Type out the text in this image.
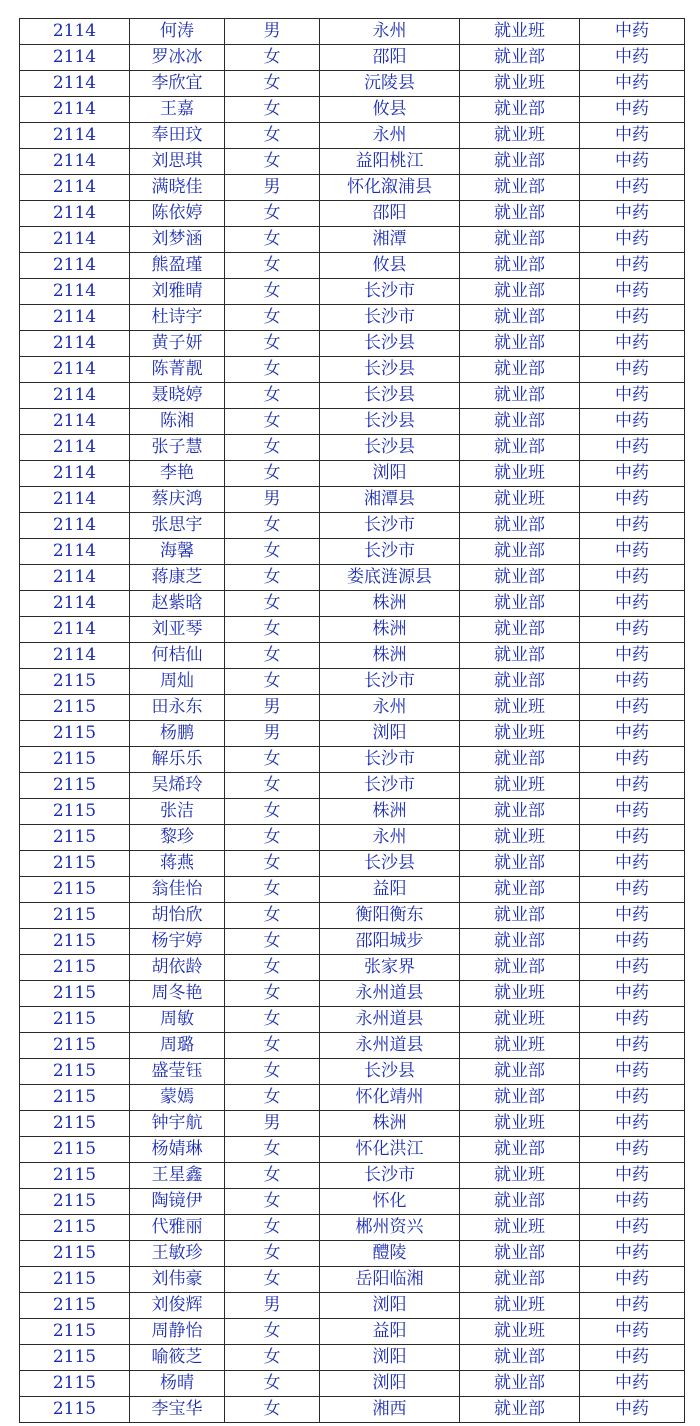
2114	何涛	男	永州	就业班	中药
2114	罗冰冰	女	邵阳	就业部	中药
2114	李欣宜	女	沅陵县	就业班	中药
2114	王嘉	女	攸县	就业部	中药
2114	奉田玟	女	永州	就业班	中药
2114	刘思琪	女	益阳桃江	就业部	中药
2114	满晓佳	男	怀化溆浦县	就业部	中药
2114	陈依婷	女	邵阳	就业部	中药
2114	刘梦涵	女	湘潭	就业部	中药
2114	熊盈瑾	女	攸县	就业部	中药
2114	刘雅晴	女	长沙市	就业部	中药
2114	杜诗宇	女	长沙市	就业部	中药
2114	黄子妍	女	长沙县	就业部	中药
2114	陈菁靓	女	长沙县	就业部	中药
2114	聂晓婷	女	长沙县	就业部	中药
2114	陈湘	女	长沙县	就业部	中药
2114	张子慧	女	长沙县	就业部	中药
2114	李艳	女	浏阳	就业班	中药
2114	蔡庆鸿	男	湘潭县	就业班	中药
2114	张思宇	女	长沙市	就业部	中药
2114	海馨	女	长沙市	就业部	中药
2114	蒋康芝	女	娄底涟源县	就业部	中药
2114	赵紫晗	女	株洲	就业部	中药
2114	刘亚琴	女	株洲	就业部	中药
2114	何桔仙	女	株洲	就业部	中药
2115	周灿	女	长沙市	就业部	中药
2115	田永东	男	永州	就业班	中药
2115	杨鹏	男	浏阳	就业班	中药
2115	解乐乐	女	长沙市	就业部	中药
2115	吴烯玲	女	长沙市	就业班	中药
2115	张洁	女	株洲	就业部	中药
2115	黎珍	女	永州	就业班	中药
2115	蒋燕	女	长沙县	就业部	中药
2115	翁佳怡	女	益阳	就业部	中药
2115	胡怡欣	女	衡阳衡东	就业部	中药
2115	杨宇婷	女	邵阳城步	就业部	中药
2115	胡依龄	女	张家界	就业部	中药
2115	周冬艳	女	永州道县	就业班	中药
2115	周敏	女	永州道县	就业班	中药
2115	周璐	女	永州道县	就业班	中药
2115	盛莹钰	女	长沙县	就业部	中药
2115	蒙嫣	女	怀化靖州	就业部	中药
2115	钟宇航	男	株洲	就业班	中药
2115	杨婧琳	女	怀化洪江	就业部	中药
2115	王星鑫	女	长沙市	就业班	中药
2115	陶镜伊	女	怀化	就业部	中药
2115	代雅丽	女	郴州资兴	就业班	中药
2115	王敏珍	女	醴陵	就业部	中药
2115	刘伟豪	女	岳阳临湘	就业部	中药
2115	刘俊辉	男	浏阳	就业班	中药
2115	周静怡	女	益阳	就业班	中药
2115	喻筱芝	女	浏阳	就业部	中药
2115	杨晴	女	浏阳	就业部	中药
2115	李宝华	女	湘西	就业部	中药
